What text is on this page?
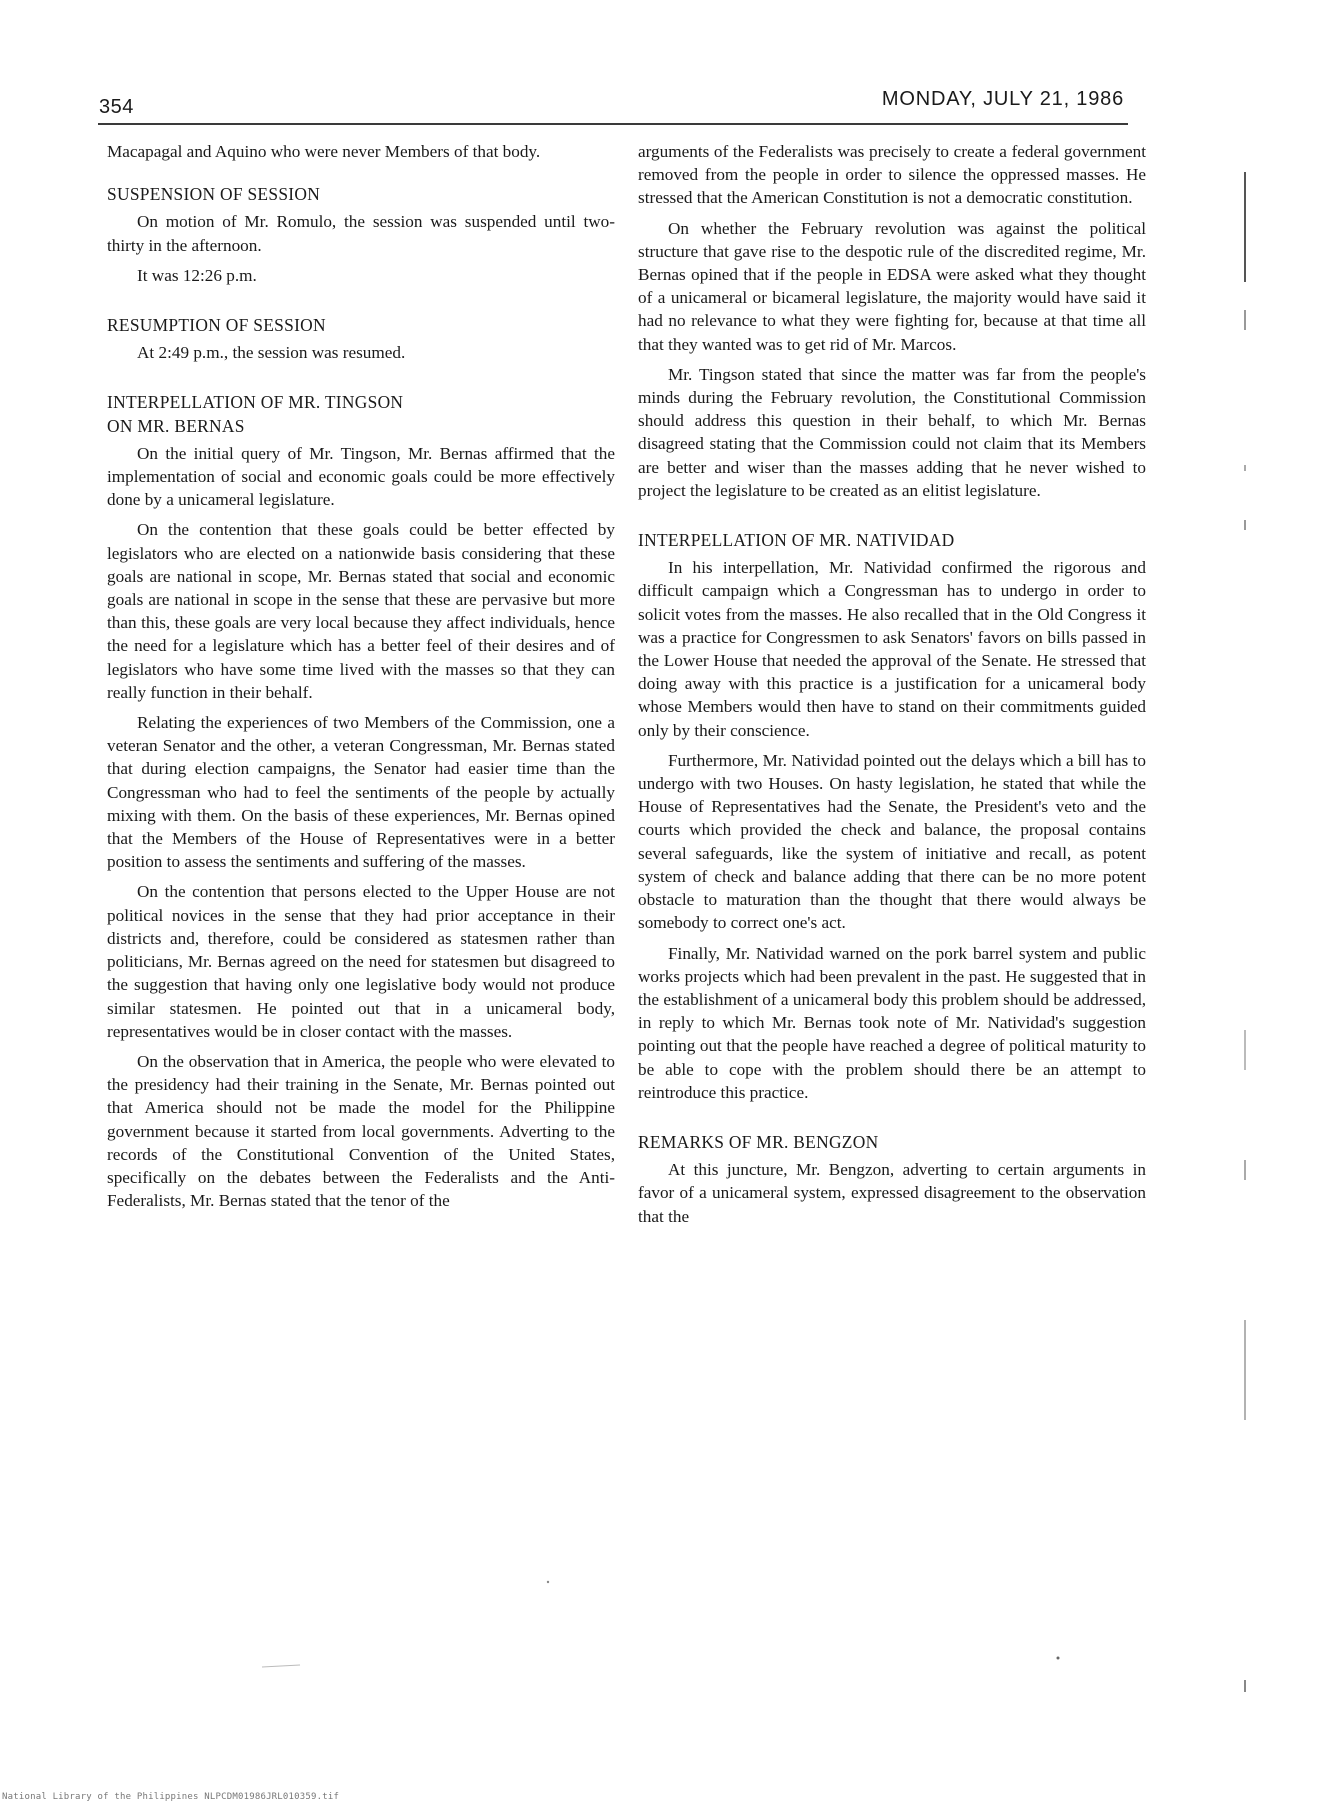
354	MONDAY, JULY 21, 1986

Macapagal and Aquino who were never Members of that body.

SUSPENSION OF SESSION

On motion of Mr. Romulo, the session was suspended until two-thirty in the afternoon.

It was 12:26 p.m.

RESUMPTION OF SESSION

At 2:49 p.m., the session was resumed.

INTERPELLATION OF MR. TINGSON
ON MR. BERNAS

On the initial query of Mr. Tingson, Mr. Bernas affirmed that the implementation of social and economic goals could be more effectively done by a unicameral legislature.

On the contention that these goals could be better effected by legislators who are elected on a nationwide basis considering that these goals are national in scope, Mr. Bernas stated that social and economic goals are national in scope in the sense that these are pervasive but more than this, these goals are very local because they affect individuals, hence the need for a legislature which has a better feel of their desires and of legislators who have some time lived with the masses so that they can really function in their behalf.

Relating the experiences of two Members of the Commission, one a veteran Senator and the other, a veteran Congressman, Mr. Bernas stated that during election campaigns, the Senator had easier time than the Congressman who had to feel the sentiments of the people by actually mixing with them. On the basis of these experiences, Mr. Bernas opined that the Members of the House of Representatives were in a better position to assess the sentiments and suffering of the masses.

On the contention that persons elected to the Upper House are not political novices in the sense that they had prior acceptance in their districts and, therefore, could be considered as statesmen rather than politicians, Mr. Bernas agreed on the need for statesmen but disagreed to the suggestion that having only one legislative body would not produce similar statesmen. He pointed out that in a unicameral body, representatives would be in closer contact with the masses.

On the observation that in America, the people who were elevated to the presidency had their training in the Senate, Mr. Bernas pointed out that America should not be made the model for the Philippine government because it started from local governments. Adverting to the records of the Constitutional Convention of the United States, specifically on the debates between the Federalists and the Anti-Federalists, Mr. Bernas stated that the tenor of the

arguments of the Federalists was precisely to create a federal government removed from the people in order to silence the oppressed masses. He stressed that the American Constitution is not a democratic constitution.

On whether the February revolution was against the political structure that gave rise to the despotic rule of the discredited regime, Mr. Bernas opined that if the people in EDSA were asked what they thought of a unicameral or bicameral legislature, the majority would have said it had no relevance to what they were fighting for, because at that time all that they wanted was to get rid of Mr. Marcos.

Mr. Tingson stated that since the matter was far from the people's minds during the February revolution, the Constitutional Commission should address this question in their behalf, to which Mr. Bernas disagreed stating that the Commission could not claim that its Members are better and wiser than the masses adding that he never wished to project the legislature to be created as an elitist legislature.

INTERPELLATION OF MR. NATIVIDAD

In his interpellation, Mr. Natividad confirmed the rigorous and difficult campaign which a Congressman has to undergo in order to solicit votes from the masses. He also recalled that in the Old Congress it was a practice for Congressmen to ask Senators' favors on bills passed in the Lower House that needed the approval of the Senate. He stressed that doing away with this practice is a justification for a unicameral body whose Members would then have to stand on their commitments guided only by their conscience.

Furthermore, Mr. Natividad pointed out the delays which a bill has to undergo with two Houses. On hasty legislation, he stated that while the House of Representatives had the Senate, the President's veto and the courts which provided the check and balance, the proposal contains several safeguards, like the system of initiative and recall, as potent system of check and balance adding that there can be no more potent obstacle to maturation than the thought that there would always be somebody to correct one's act.

Finally, Mr. Natividad warned on the pork barrel system and public works projects which had been prevalent in the past. He suggested that in the establishment of a unicameral body this problem should be addressed, in reply to which Mr. Bernas took note of Mr. Natividad's suggestion pointing out that the people have reached a degree of political maturity to be able to cope with the problem should there be an attempt to reintroduce this practice.

REMARKS OF MR. BENGZON

At this juncture, Mr. Bengzon, adverting to certain arguments in favor of a unicameral system, expressed disagreement to the observation that the

National Library of the Philippines NLPCDM01986JRL010359.tif
